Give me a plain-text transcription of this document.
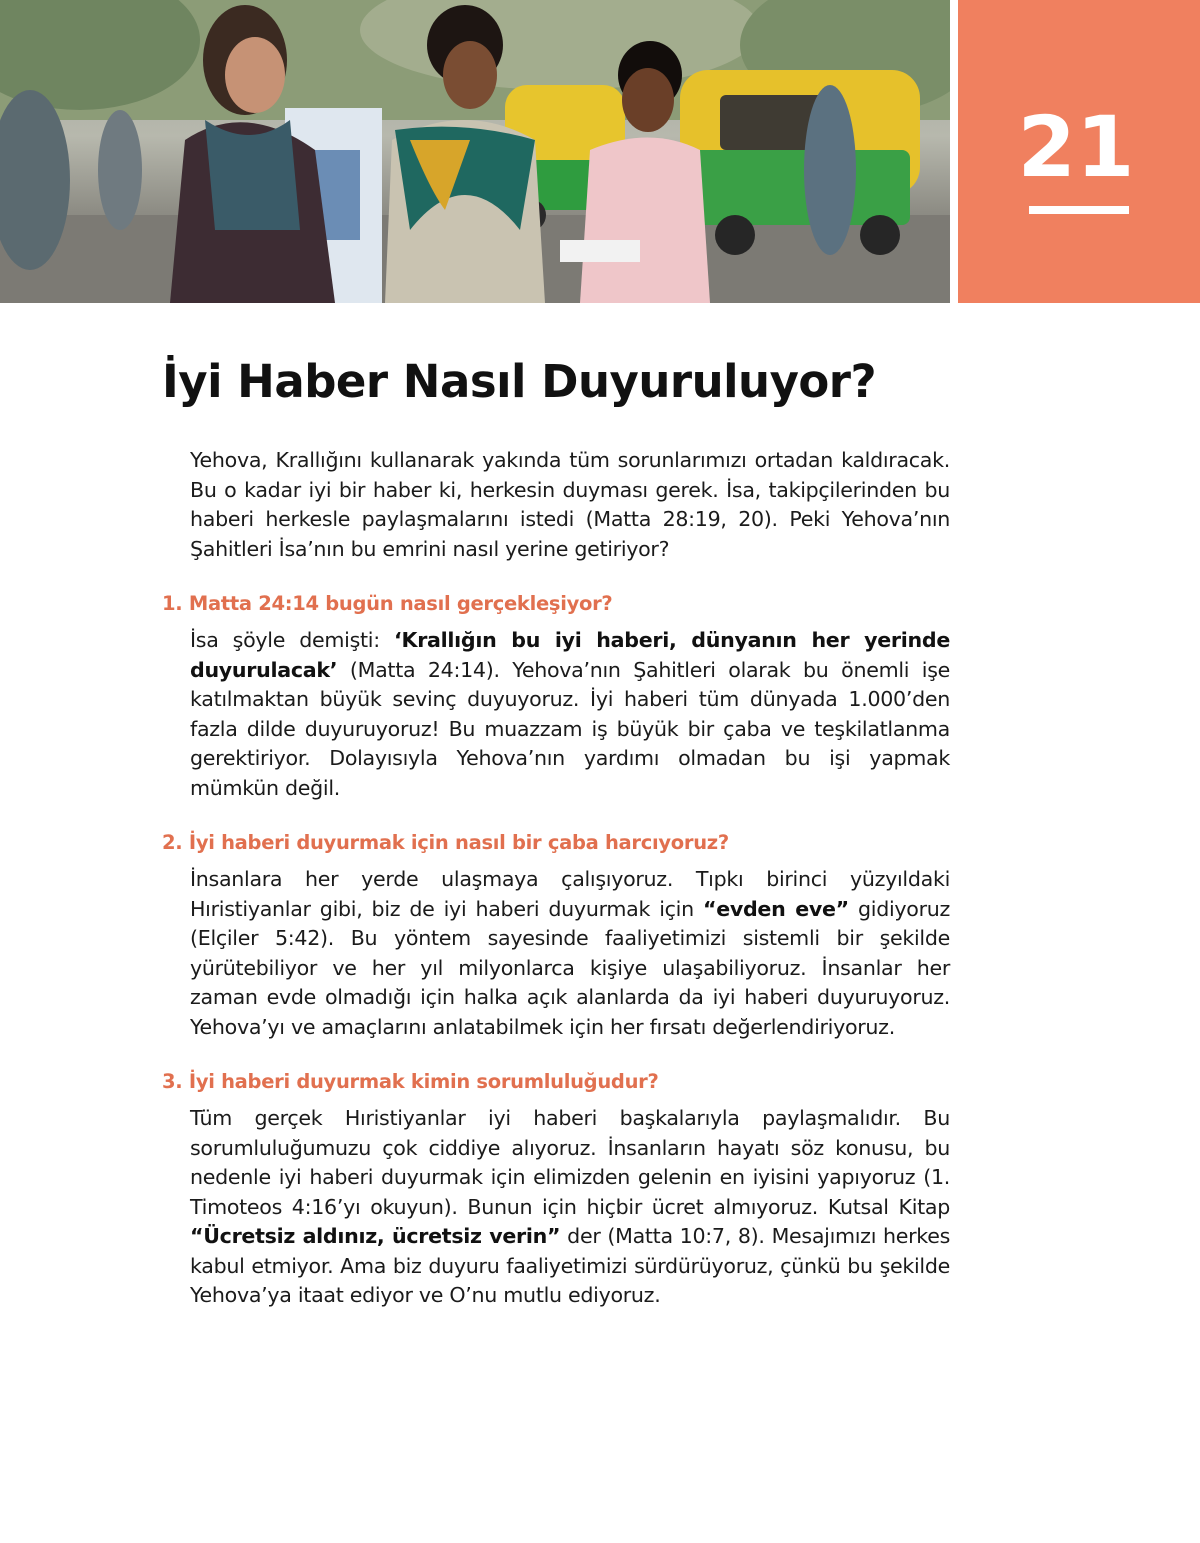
21
İyi Haber Nasıl Duyuruluyor?

Yehova, Krallığını kullanarak yakında tüm sorunlarımızı ortadan kaldıracak. Bu o kadar iyi bir haber ki, herkesin duyması gerek. İsa, takipçilerinden bu haberi herkesle paylaşmalarını istedi (Matta 28:19, 20). Peki Yehova’nın Şahitleri İsa’nın bu emrini nasıl yerine getiriyor?

1. Matta 24:14 bugün nasıl gerçekleşiyor?

İsa şöyle demişti: ‘Krallığın bu iyi haberi, dünyanın her yerinde duyurulacak’ (Matta 24:14). Yehova’nın Şahitleri olarak bu önemli işe katılmaktan büyük sevinç duyuyoruz. İyi haberi tüm dünyada 1.000’den fazla dilde duyuruyoruz! Bu muazzam iş büyük bir çaba ve teşkilatlanma gerektiriyor. Dolayısıyla Yehova’nın yardımı olmadan bu işi yapmak mümkün değil.

2. İyi haberi duyurmak için nasıl bir çaba harcıyoruz?

İnsanlara her yerde ulaşmaya çalışıyoruz. Tıpkı birinci yüzyıldaki Hıristiyanlar gibi, biz de iyi haberi duyurmak için “evden eve” gidiyoruz (Elçiler 5:42). Bu yöntem sayesinde faaliyetimizi sistemli bir şekilde yürütebiliyor ve her yıl milyonlarca kişiye ulaşabiliyoruz. İnsanlar her zaman evde olmadığı için halka açık alanlarda da iyi haberi duyuruyoruz. Yehova’yı ve amaçlarını anlatabilmek için her fırsatı değerlendiriyoruz.

3. İyi haberi duyurmak kimin sorumluluğudur?

Tüm gerçek Hıristiyanlar iyi haberi başkalarıyla paylaşmalıdır. Bu sorumluluğumuzu çok ciddiye alıyoruz. İnsanların hayatı söz konusu, bu nedenle iyi haberi duyurmak için elimizden gelenin en iyisini yapıyoruz (1. Timoteos 4:16’yı okuyun). Bunun için hiçbir ücret almıyoruz. Kutsal Kitap “Ücretsiz aldınız, ücretsiz verin” der (Matta 10:7, 8). Mesajımızı herkes kabul etmiyor. Ama biz duyuru faaliyetimizi sürdürüyoruz, çünkü bu şekilde Yehova’ya itaat ediyor ve O’nu mutlu ediyoruz.
